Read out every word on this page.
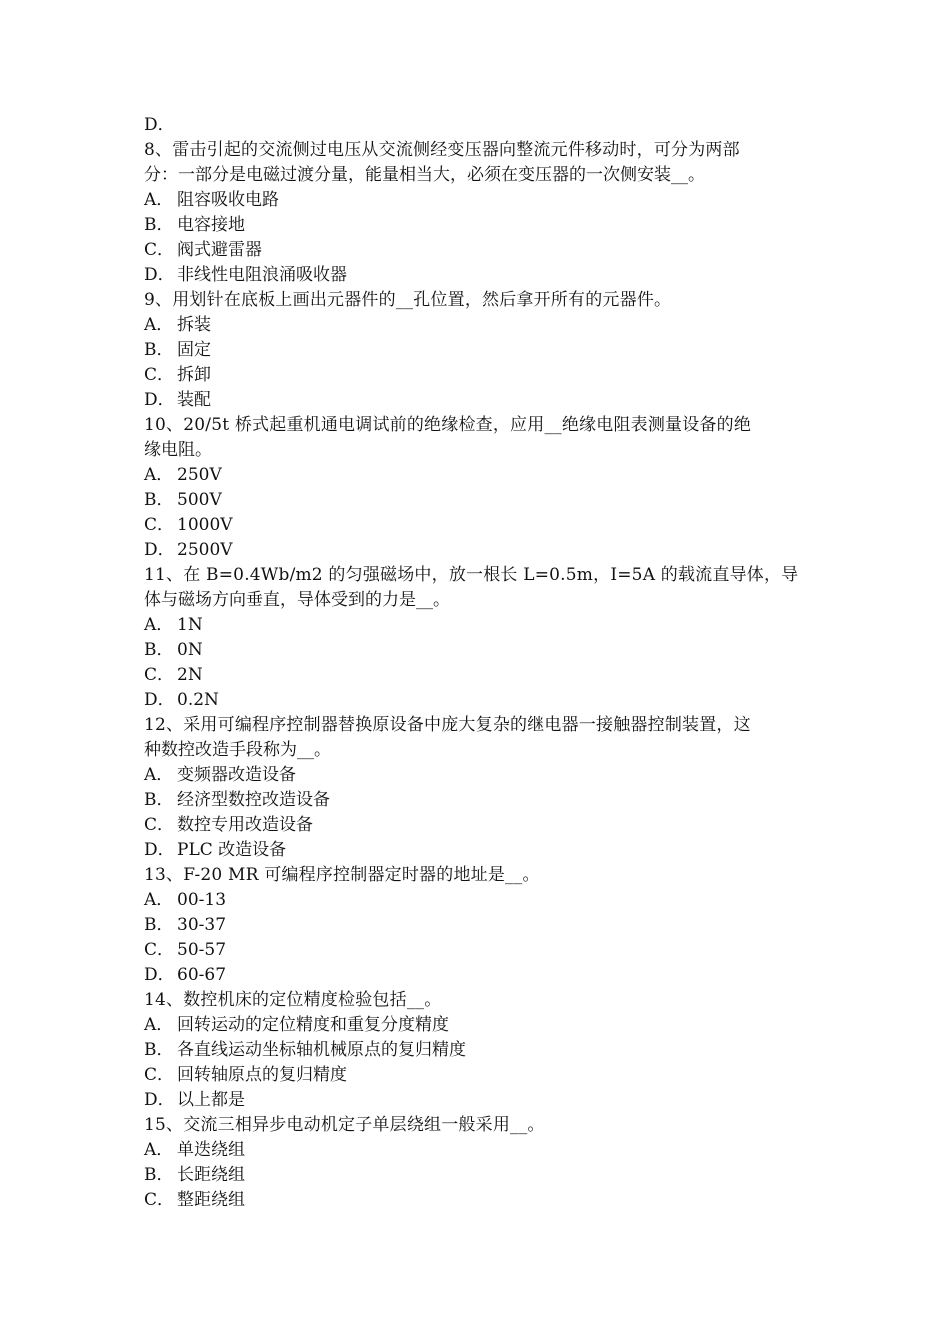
D．
8、雷击引起的交流侧过电压从交流侧经变压器向整流元件移动时，可分为两部
分：一部分是电磁过渡分量，能量相当大，必须在变压器的一次侧安装__。
A． 阻容吸收电路
B． 电容接地
C． 阀式避雷器
D． 非线性电阻浪涌吸收器
9、用划针在底板上画出元器件的__孔位置，然后拿开所有的元器件。
A． 拆装
B． 固定
C． 拆卸
D． 装配
10、20/5t 桥式起重机通电调试前的绝缘检查，应用__绝缘电阻表测量设备的绝
缘电阻。
A． 250V
B． 500V
C． 1000V
D． 2500V
11、在 B=0.4Wb/m2 的匀强磁场中，放一根长 L=0.5m，I=5A 的载流直导体，导
体与磁场方向垂直，导体受到的力是__。
A． 1N
B． 0N
C． 2N
D． 0.2N
12、采用可编程序控制器替换原设备中庞大复杂的继电器一接触器控制装置，这
种数控改造手段称为__。
A． 变频器改造设备
B． 经济型数控改造设备
C． 数控专用改造设备
D． PLC 改造设备
13、F-20 MR 可编程序控制器定时器的地址是__。
A． 00-13
B． 30-37
C． 50-57
D． 60-67
14、数控机床的定位精度检验包括__。
A． 回转运动的定位精度和重复分度精度
B． 各直线运动坐标轴机械原点的复归精度
C． 回转轴原点的复归精度
D． 以上都是
15、交流三相异步电动机定子单层绕组一般采用__。
A． 单迭绕组
B． 长距绕组
C． 整距绕组
